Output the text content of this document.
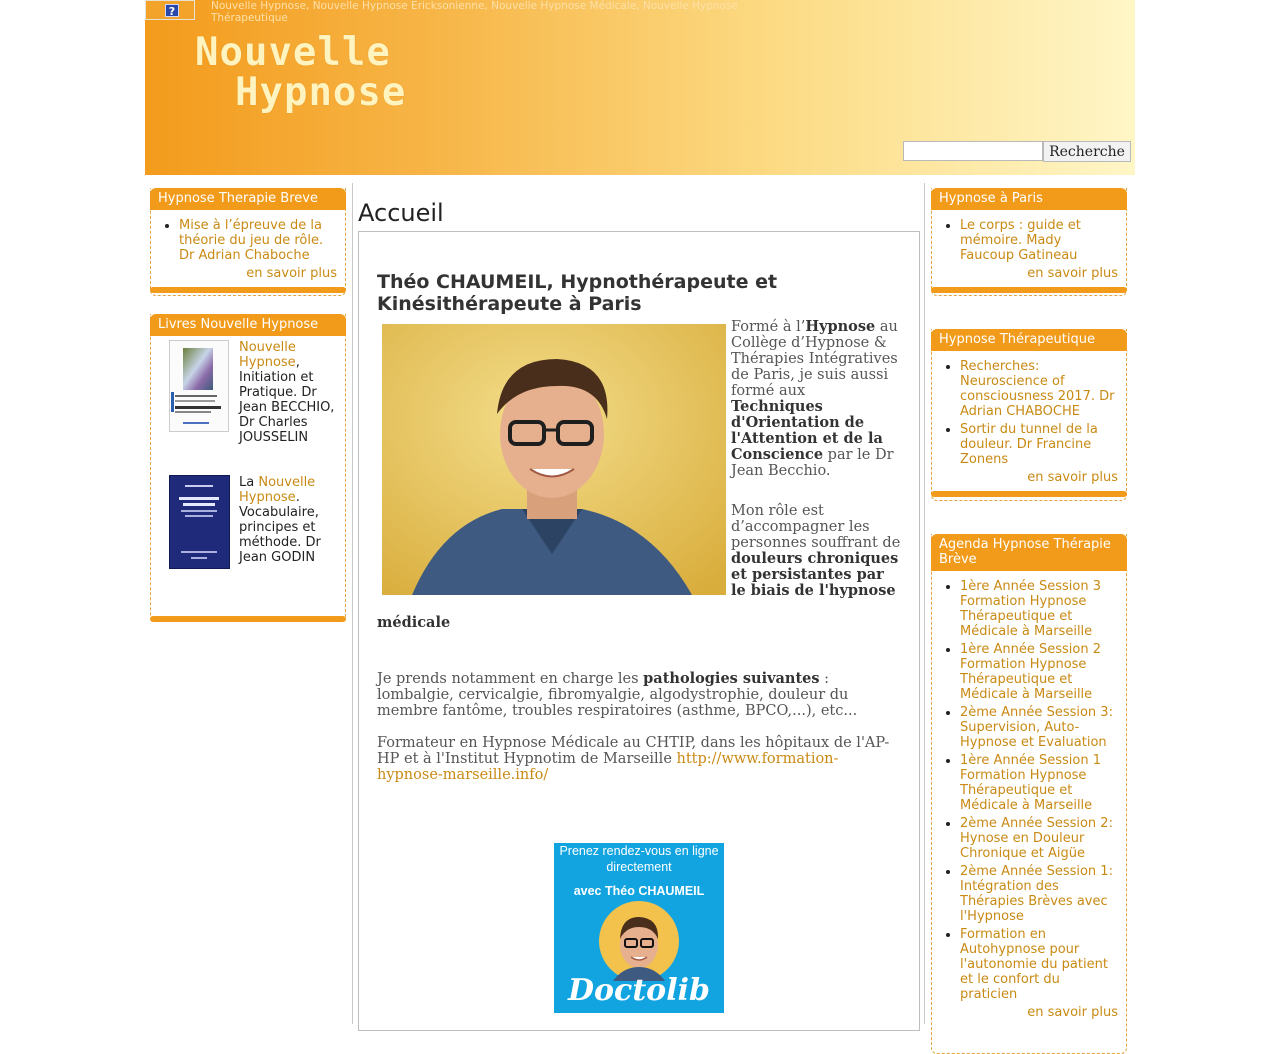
?	Nouvelle Hypnose, Nouvelle Hypnose Ericksonienne, Nouvelle Hypnose Médicale, Nouvelle Hypnose Thérapeutique
Nouvelle
Hypnose
Recherche
Hypnose Therapie Breve
• Mise à l’épreuve de la théorie du jeu de rôle. Dr Adrian Chaboche
en savoir plus
Livres Nouvelle Hypnose
Nouvelle Hypnose, Initiation et Pratique. Dr Jean BECCHIO, Dr Charles JOUSSELIN
La Nouvelle Hypnose. Vocabulaire, principes et méthode. Dr Jean GODIN
Accueil
Théo CHAUMEIL, Hypnothérapeute et Kinésithérapeute à Paris
Formé à l’Hypnose au Collège d’Hypnose & Thérapies Intégratives de Paris, je suis aussi formé aux Techniques d'Orientation de l'Attention et de la Conscience par le Dr Jean Becchio.
Mon rôle est d’accompagner les personnes souffrant de douleurs chroniques et persistantes par le biais de l'hypnose
médicale
Je prends notamment en charge les pathologies suivantes : lombalgie, cervicalgie, fibromyalgie, algodystrophie, douleur du membre fantôme, troubles respiratoires (asthme, BPCO,...), etc...
Formateur en Hypnose Médicale au CHTIP, dans les hôpitaux de l'AP-HP et à l'Institut Hypnotim de Marseille http://www.formation-hypnose-marseille.info/
Prenez rendez-vous en ligne directement
avec Théo CHAUMEIL
Doctolib
Hypnose à Paris
• Le corps : guide et mémoire. Mady Faucoup Gatineau
en savoir plus
Hypnose Thérapeutique
• Recherches: Neuroscience of consciousness 2017. Dr Adrian CHABOCHE
• Sortir du tunnel de la douleur. Dr Francine Zonens
en savoir plus
Agenda Hypnose Thérapie Brève
• 1ère Année Session 3 Formation Hypnose Thérapeutique et Médicale à Marseille
• 1ère Année Session 2 Formation Hypnose Thérapeutique et Médicale à Marseille
• 2ème Année Session 3: Supervision, Auto-Hypnose et Evaluation
• 1ère Année Session 1 Formation Hypnose Thérapeutique et Médicale à Marseille
• 2ème Année Session 2: Hynose en Douleur Chronique et Aigüe
• 2ème Année Session 1: Intégration des Thérapies Brèves avec l'Hypnose
• Formation en Autohypnose pour l'autonomie du patient et le confort du praticien
en savoir plus
